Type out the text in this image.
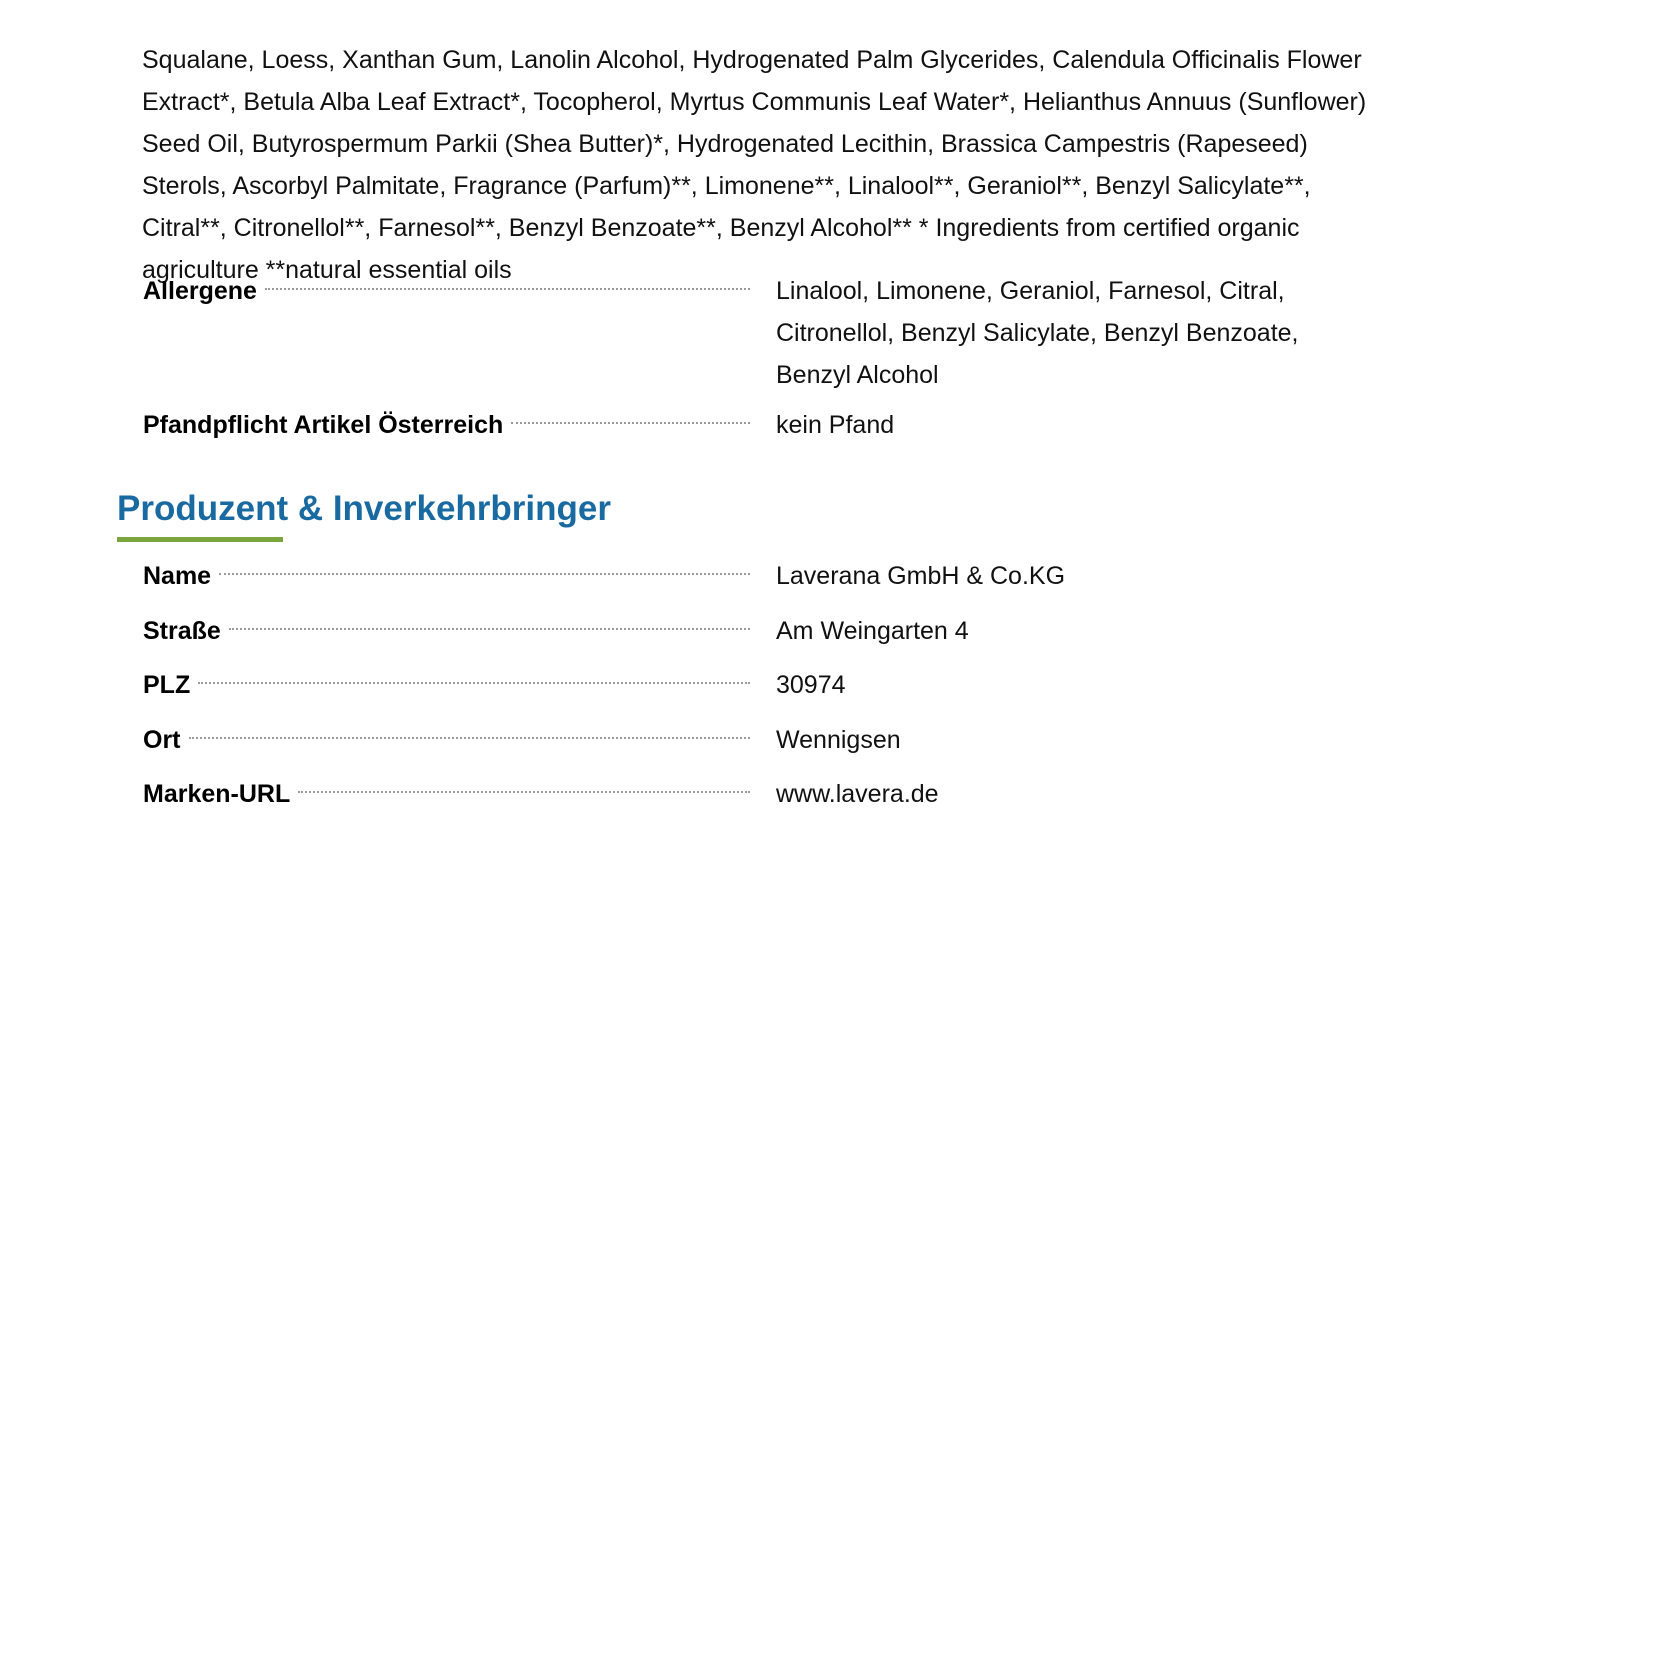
Squalane, Loess, Xanthan Gum, Lanolin Alcohol, Hydrogenated Palm Glycerides, Calendula Officinalis Flower Extract*, Betula Alba Leaf Extract*, Tocopherol, Myrtus Communis Leaf Water*, Helianthus Annuus (Sunflower) Seed Oil, Butyrospermum Parkii (Shea Butter)*, Hydrogenated Lecithin, Brassica Campestris (Rapeseed) Sterols, Ascorbyl Palmitate, Fragrance (Parfum)**, Limonene**, Linalool**, Geraniol**, Benzyl Salicylate**, Citral**, Citronellol**, Farnesol**, Benzyl Benzoate**, Benzyl Alcohol** * Ingredients from certified organic agriculture **natural essential oils

Allergene	Linalool, Limonene, Geraniol, Farnesol, Citral, Citronellol, Benzyl Salicylate, Benzyl Benzoate, Benzyl Alcohol
Pfandpflicht Artikel Österreich	kein Pfand
Produzent & Inverkehrbringer
Name	Laverana GmbH & Co.KG
Straße	Am Weingarten 4
PLZ	30974
Ort	Wennigsen
Marken-URL	www.lavera.de
